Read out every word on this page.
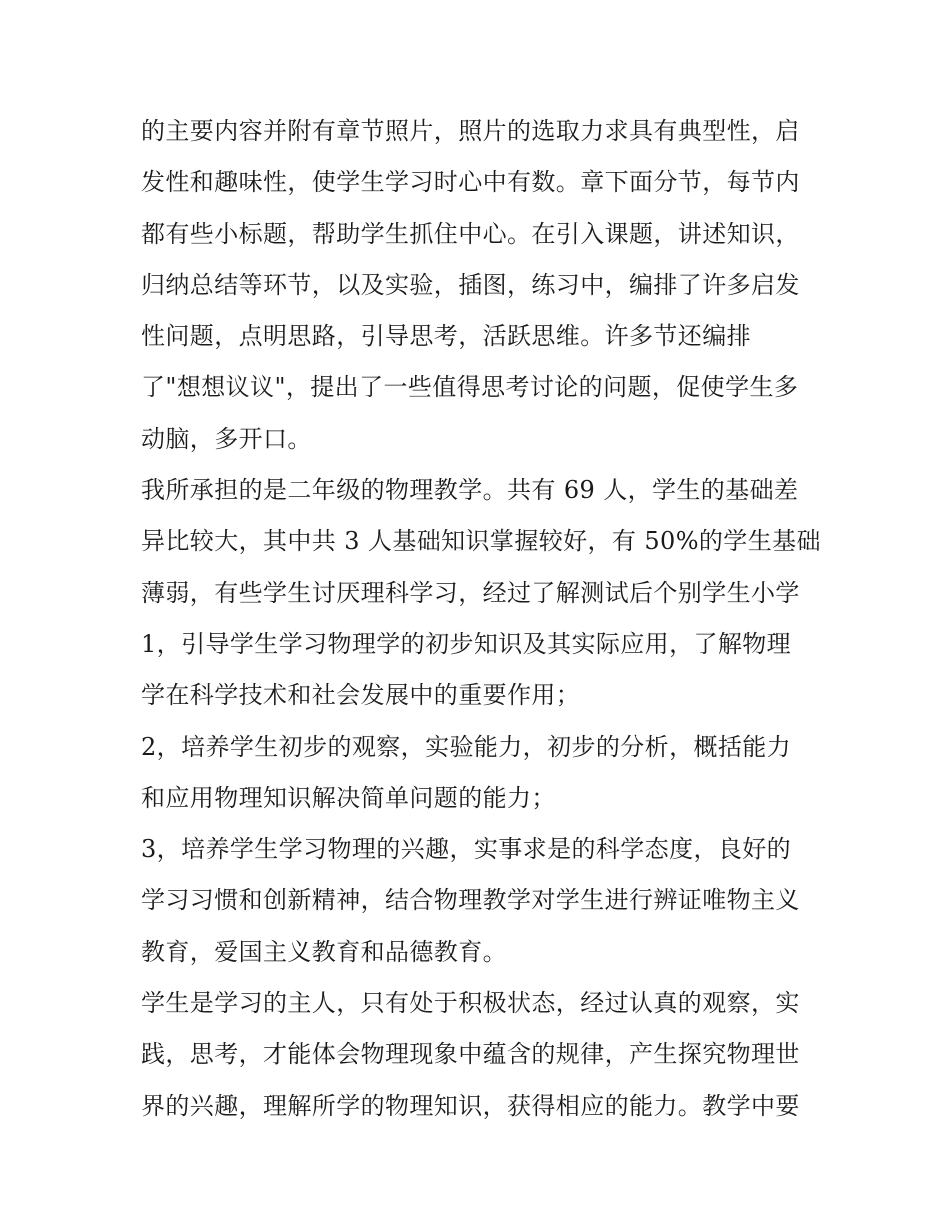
的主要内容并附有章节照片，照片的选取力求具有典型性，启
发性和趣味性，使学生学习时心中有数。章下面分节，每节内
都有些小标题，帮助学生抓住中心。在引入课题，讲述知识，
归纳总结等环节，以及实验，插图，练习中，编排了许多启发
性问题，点明思路，引导思考，活跃思维。许多节还编排
了"想想议议"，提出了一些值得思考讨论的问题，促使学生多
动脑，多开口。
我所承担的是二年级的物理教学。共有 69 人，学生的基础差
异比较大，其中共 3 人基础知识掌握较好，有 50%的学生基础
薄弱，有些学生讨厌理科学习，经过了解测试后个别学生小学
1，引导学生学习物理学的初步知识及其实际应用，了解物理
学在科学技术和社会发展中的重要作用；
2，培养学生初步的观察，实验能力，初步的分析，概括能力
和应用物理知识解决简单问题的能力；
3，培养学生学习物理的兴趣，实事求是的科学态度，良好的
学习习惯和创新精神，结合物理教学对学生进行辨证唯物主义
教育，爱国主义教育和品德教育。
学生是学习的主人，只有处于积极状态，经过认真的观察，实
践，思考，才能体会物理现象中蕴含的规律，产生探究物理世
界的兴趣，理解所学的物理知识，获得相应的能力。教学中要
